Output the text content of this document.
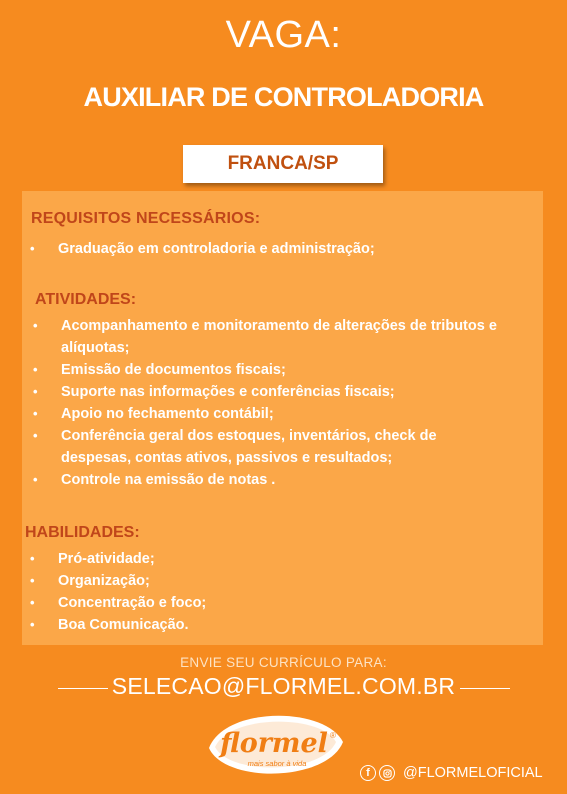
VAGA:
AUXILIAR DE CONTROLADORIA
FRANCA/SP
REQUISITOS NECESSÁRIOS:
• Graduação em controladoria e administração;
ATIVIDADES:
• Acompanhamento e monitoramento de alterações de tributos e alíquotas;
• Emissão de documentos fiscais;
• Suporte nas informações e conferências fiscais;
• Apoio no fechamento contábil;
• Conferência geral dos estoques, inventários, check de despesas, contas ativos, passivos e resultados;
• Controle na emissão de notas .
HABILIDADES:
• Pró-atividade;
• Organização;
• Concentração e foco;
• Boa Comunicação.
ENVIE SEU CURRÍCULO PARA:
SELECAO@FLORMEL.COM.BR
flormel ®
mais sabor à vida
f	@FLORMELOFICIAL
